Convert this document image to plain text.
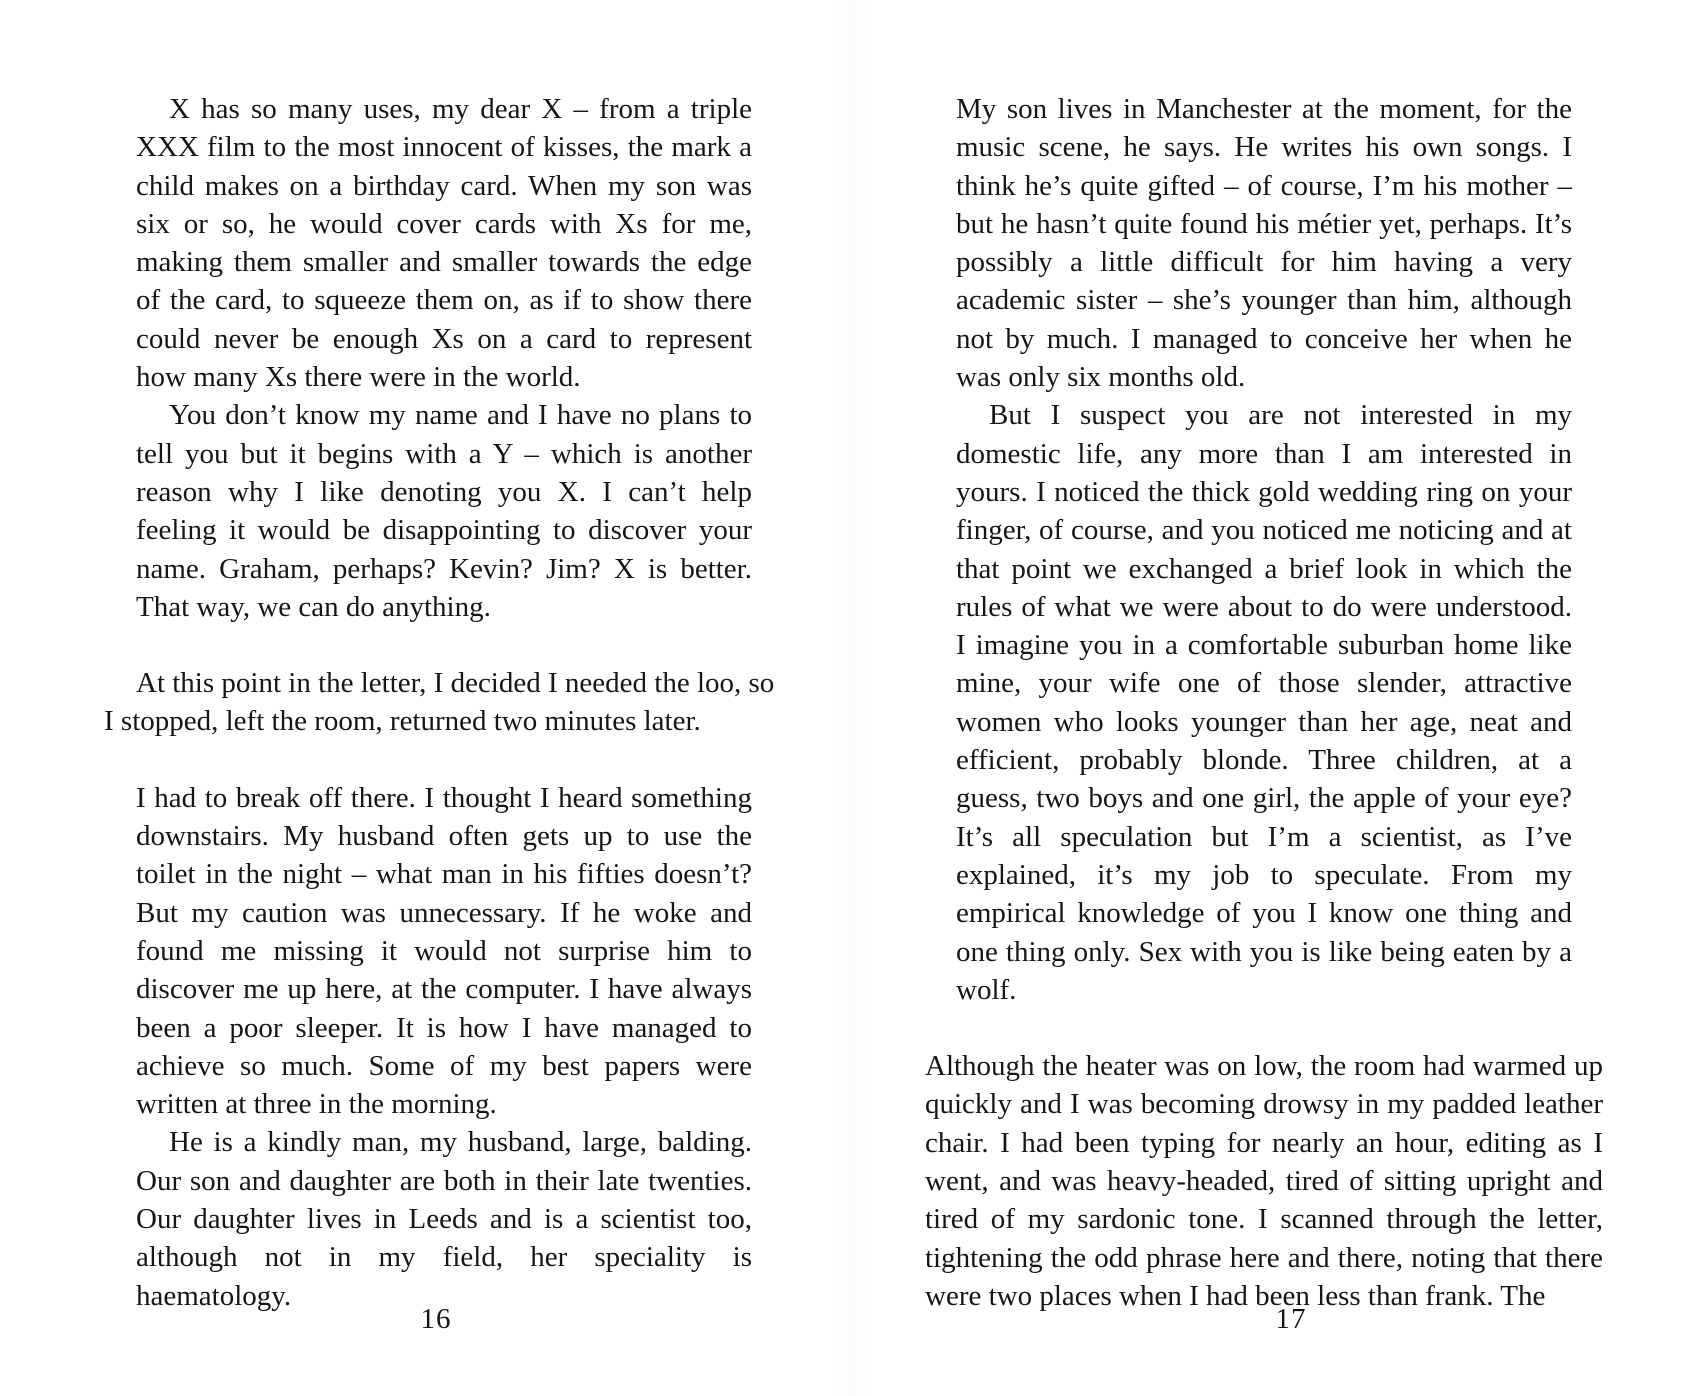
X has so many uses, my dear X – from a triple XXX film to the most innocent of kisses, the mark a child makes on a birthday card. When my son was six or so, he would cover cards with Xs for me, making them smaller and smaller towards the edge of the card, to squeeze them on, as if to show there could never be enough Xs on a card to represent how many Xs there were in the world.

You don’t know my name and I have no plans to tell you but it begins with a Y – which is another reason why I like denoting you X. I can’t help feeling it would be disappointing to discover your name. Graham, perhaps? Kevin? Jim? X is better. That way, we can do anything.

At this point in the letter, I decided I needed the loo, so
I stopped, left the room, returned two minutes later.

I had to break off there. I thought I heard something downstairs. My husband often gets up to use the toilet in the night – what man in his fifties doesn’t? But my caution was unnecessary. If he woke and found me missing it would not surprise him to discover me up here, at the computer. I have always been a poor sleeper. It is how I have managed to achieve so much. Some of my best papers were written at three in the morning.

He is a kindly man, my husband, large, balding. Our son and daughter are both in their late twenties. Our daughter lives in Leeds and is a scientist too, although not in my field, her speciality is haematology.

16

My son lives in Manchester at the moment, for the music scene, he says. He writes his own songs. I think he’s quite gifted – of course, I’m his mother – but he hasn’t quite found his métier yet, perhaps. It’s possibly a little difficult for him having a very academic sister – she’s younger than him, although not by much. I managed to conceive her when he was only six months old.

But I suspect you are not interested in my domestic life, any more than I am interested in yours. I noticed the thick gold wedding ring on your finger, of course, and you noticed me noticing and at that point we exchanged a brief look in which the rules of what we were about to do were understood. I imagine you in a comfortable suburban home like mine, your wife one of those slender, attractive women who looks younger than her age, neat and efficient, probably blonde. Three children, at a guess, two boys and one girl, the apple of your eye? It’s all speculation but I’m a scientist, as I’ve explained, it’s my job to speculate. From my empirical knowledge of you I know one thing and one thing only. Sex with you is like being eaten by a wolf.

Although the heater was on low, the room had warmed up quickly and I was becoming drowsy in my padded leather chair. I had been typing for nearly an hour, editing as I went, and was heavy-headed, tired of sitting upright and tired of my sardonic tone. I scanned through the letter, tightening the odd phrase here and there, noting that there were two places when I had been less than frank. The

17
